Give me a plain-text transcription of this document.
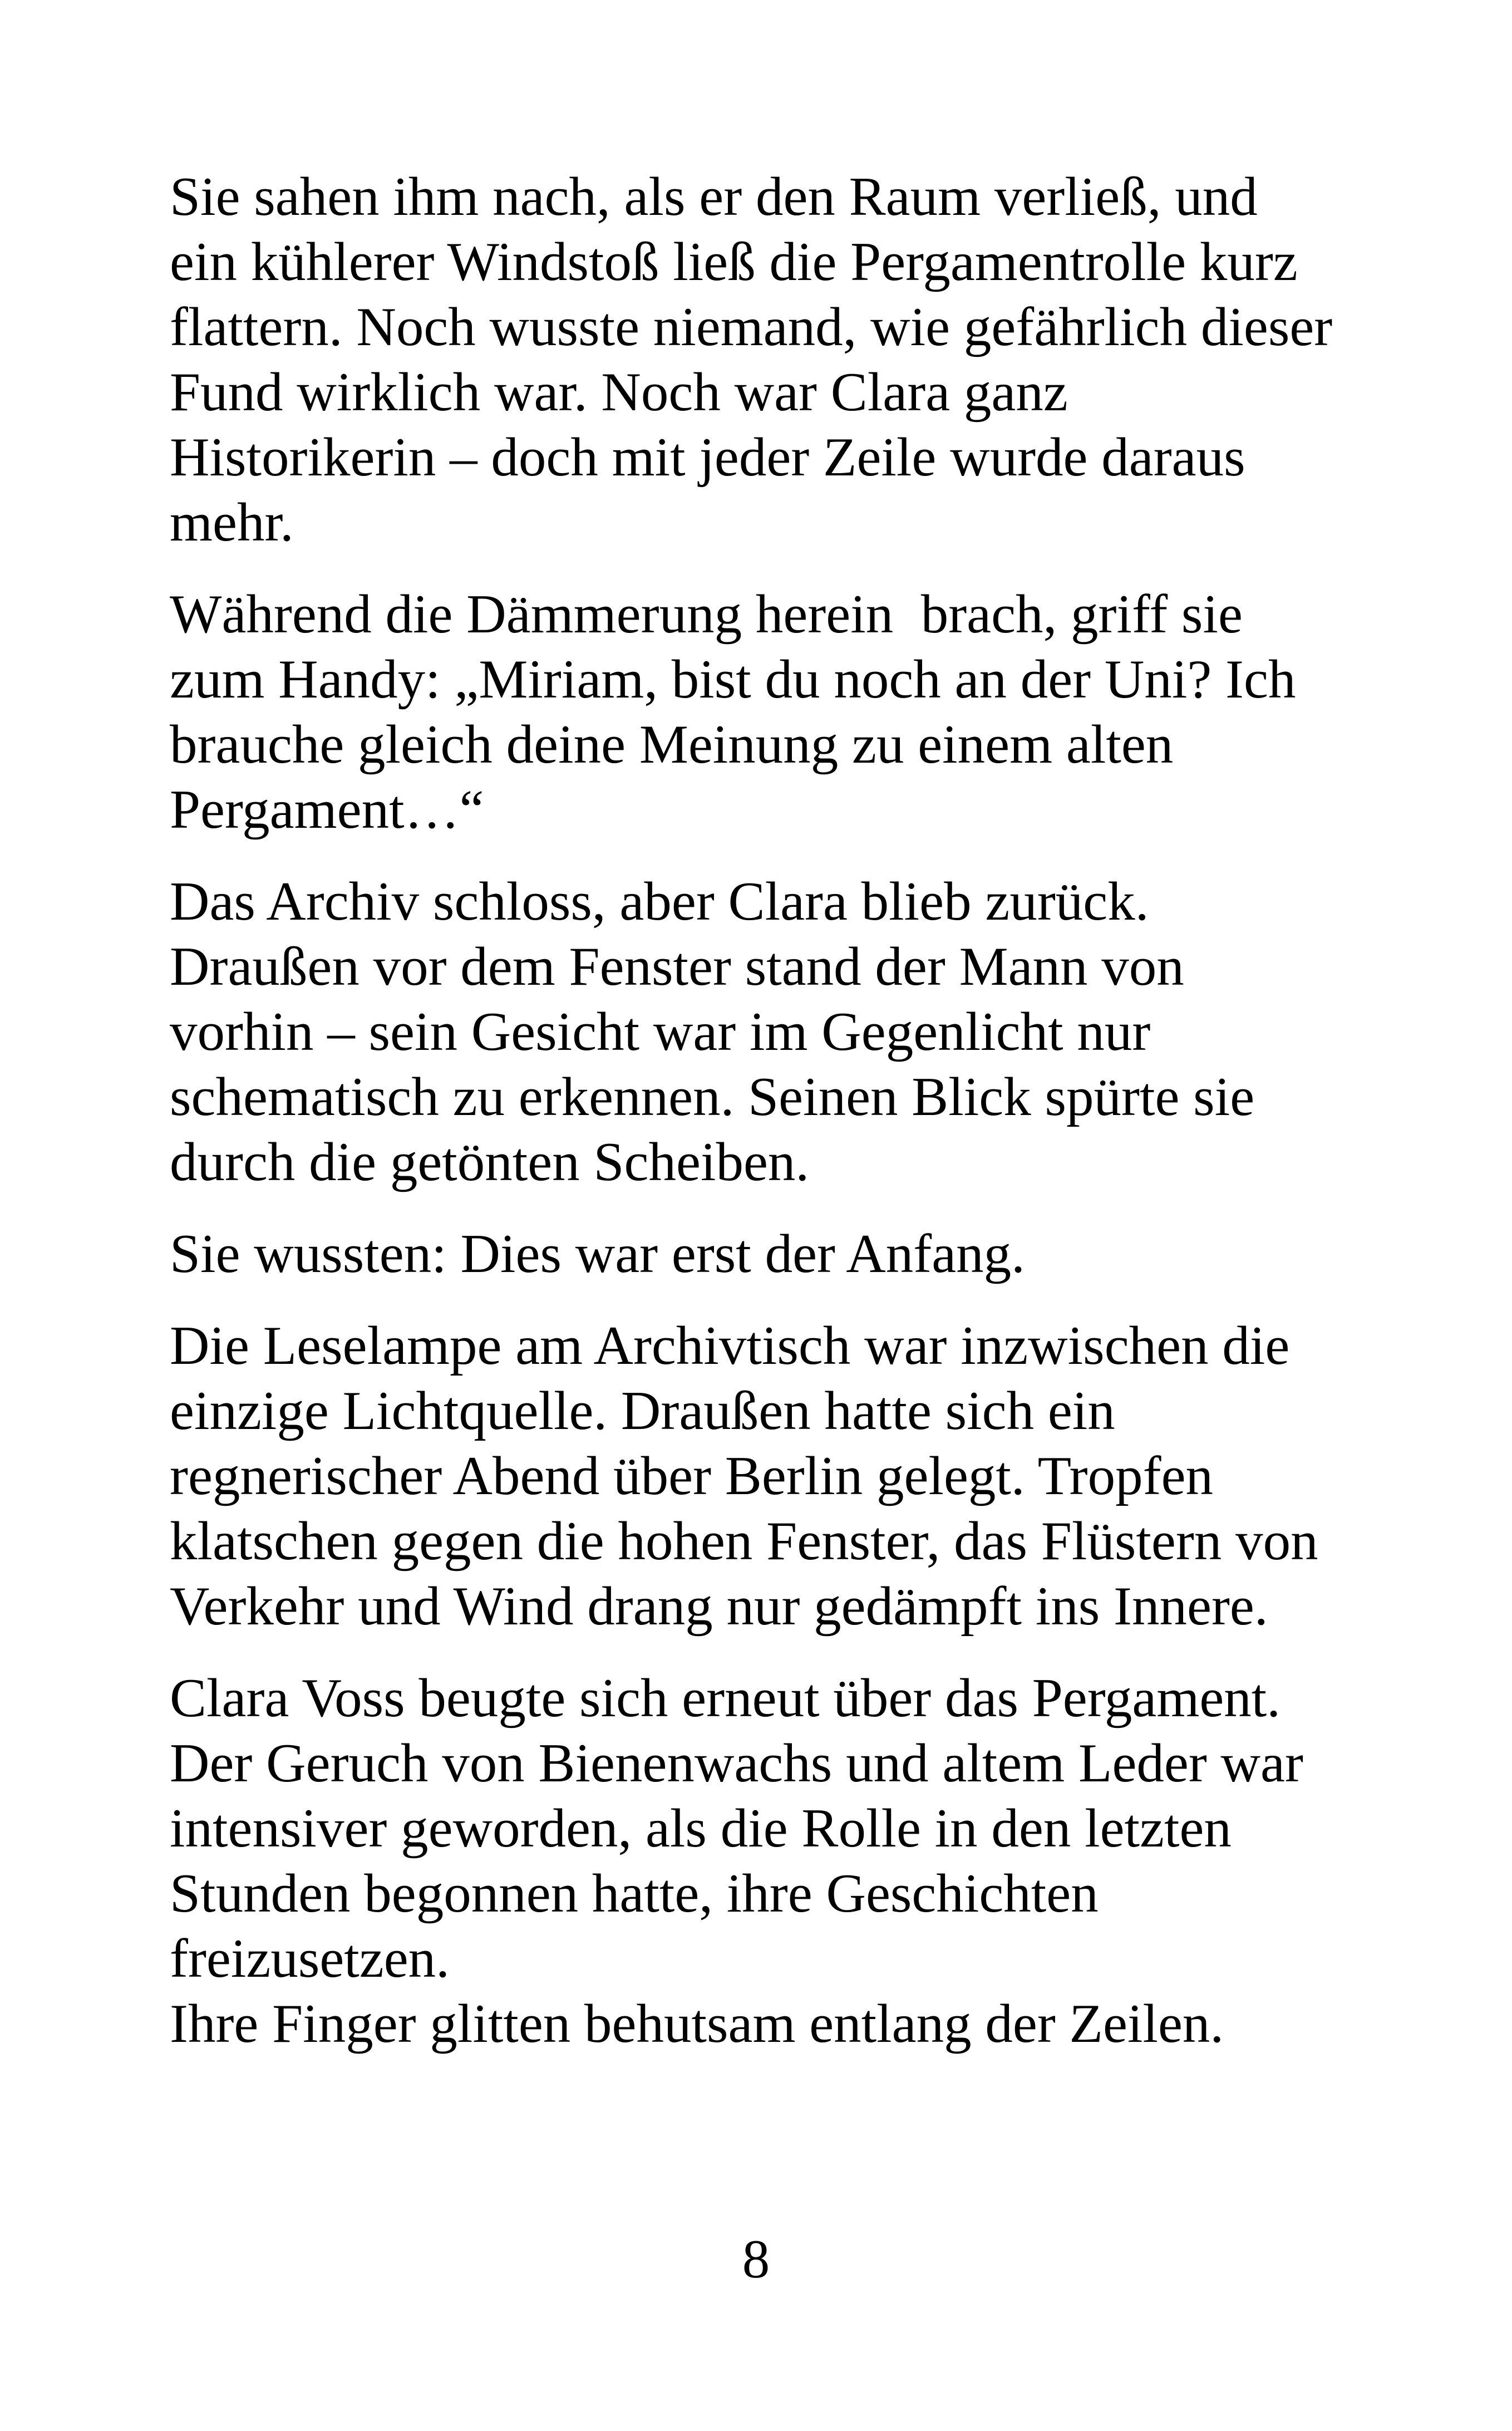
Sie sahen ihm nach, als er den Raum verließ, und
ein kühlerer Windstoß ließ die Pergamentrolle kurz
flattern. Noch wusste niemand, wie gefährlich dieser
Fund wirklich war. Noch war Clara ganz
Historikerin – doch mit jeder Zeile wurde daraus
mehr.

Während die Dämmerung herein  brach, griff sie
zum Handy: „Miriam, bist du noch an der Uni? Ich
brauche gleich deine Meinung zu einem alten
Pergament…“

Das Archiv schloss, aber Clara blieb zurück.
Draußen vor dem Fenster stand der Mann von
vorhin – sein Gesicht war im Gegenlicht nur
schematisch zu erkennen. Seinen Blick spürte sie
durch die getönten Scheiben.

Sie wussten: Dies war erst der Anfang.

Die Leselampe am Archivtisch war inzwischen die
einzige Lichtquelle. Draußen hatte sich ein
regnerischer Abend über Berlin gelegt. Tropfen
klatschen gegen die hohen Fenster, das Flüstern von
Verkehr und Wind drang nur gedämpft ins Innere.

Clara Voss beugte sich erneut über das Pergament.
Der Geruch von Bienenwachs und altem Leder war
intensiver geworden, als die Rolle in den letzten
Stunden begonnen hatte, ihre Geschichten
freizusetzen.
Ihre Finger glitten behutsam entlang der Zeilen.

8
